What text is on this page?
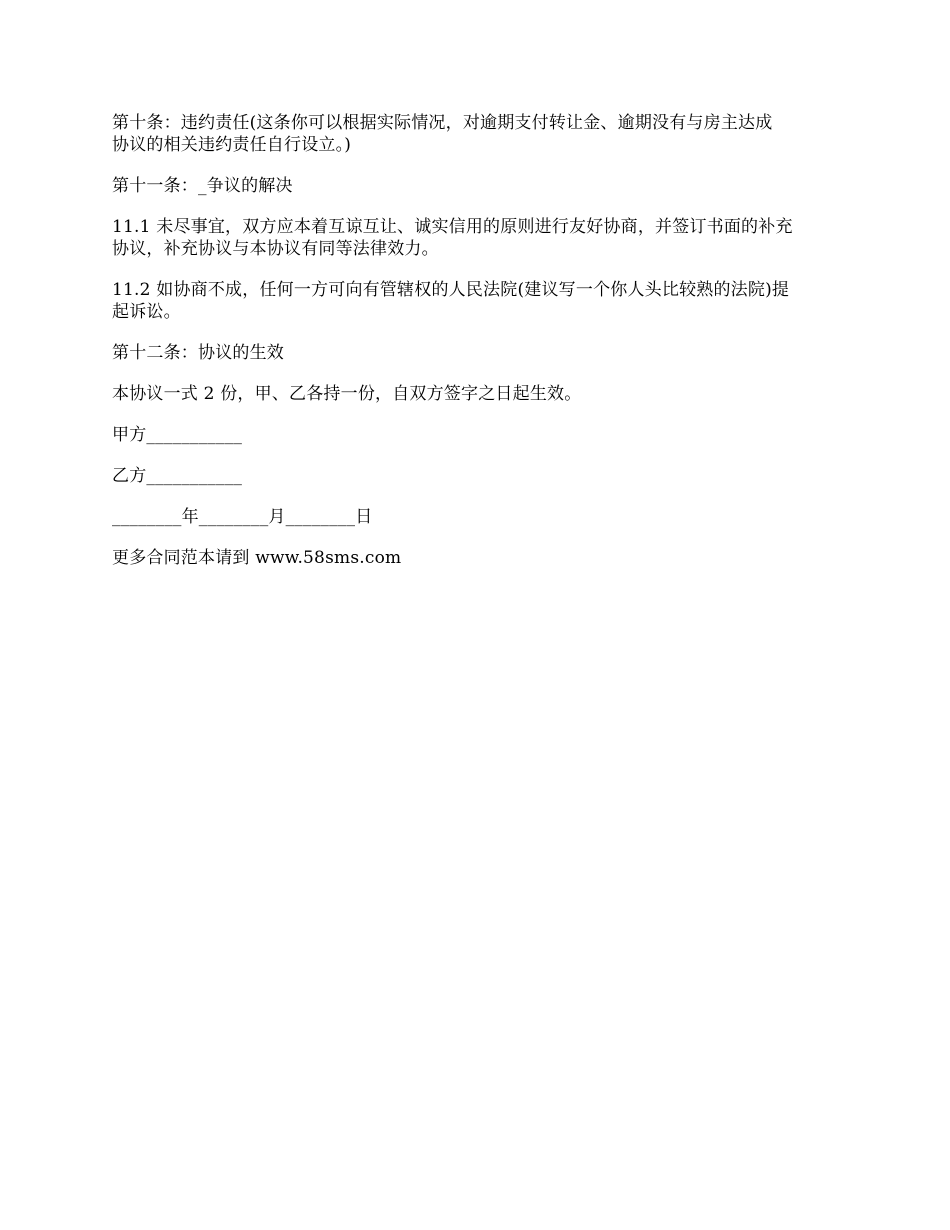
第十条：违约责任(这条你可以根据实际情况，对逾期支付转让金、逾期没有与房主达成
协议的相关违约责任自行设立。)

第十一条：_争议的解决

11.1 未尽事宜，双方应本着互谅互让、诚实信用的原则进行友好协商，并签订书面的补充
协议，补充协议与本协议有同等法律效力。

11.2 如协商不成，任何一方可向有管辖权的人民法院(建议写一个你人头比较熟的法院)提
起诉讼。

第十二条：协议的生效

本协议一式 2 份，甲、乙各持一份，自双方签字之日起生效。

甲方___________

乙方___________

________年________月________日

更多合同范本请到 www.58sms.com
